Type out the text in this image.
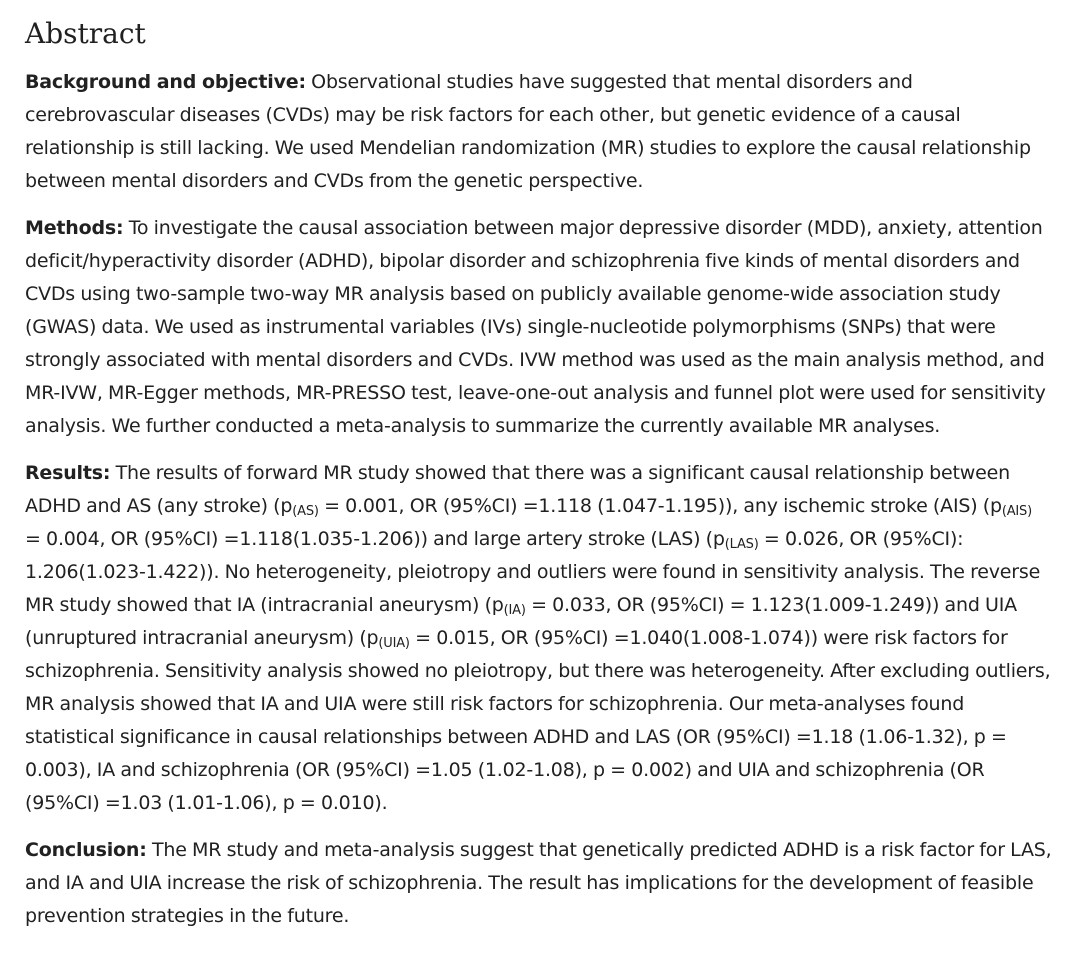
Abstract

Background and objective: Observational studies have suggested that mental disorders and cerebrovascular diseases (CVDs) may be risk factors for each other, but genetic evidence of a causal relationship is still lacking. We used Mendelian randomization (MR) studies to explore the causal relationship between mental disorders and CVDs from the genetic perspective.

Methods: To investigate the causal association between major depressive disorder (MDD), anxiety, attention deficit/hyperactivity disorder (ADHD), bipolar disorder and schizophrenia five kinds of mental disorders and CVDs using two-sample two-way MR analysis based on publicly available genome-wide association study (GWAS) data. We used as instrumental variables (IVs) single-nucleotide polymorphisms (SNPs) that were strongly associated with mental disorders and CVDs. IVW method was used as the main analysis method, and MR-IVW, MR-Egger methods, MR-PRESSO test, leave-one-out analysis and funnel plot were used for sensitivity analysis. We further conducted a meta-analysis to summarize the currently available MR analyses.

Results: The results of forward MR study showed that there was a significant causal relationship between ADHD and AS (any stroke) ($p_{(AS)} = 0.001$, OR (95%CI) =1.118 (1.047-1.195)), any ischemic stroke (AIS) ($p_{(AIS)} = 0.004$, OR (95%CI) =1.118(1.035-1.206)) and large artery stroke (LAS) ($p_{(LAS)} = 0.026$, OR (95%CI): 1.206(1.023-1.422)). No heterogeneity, pleiotropy and outliers were found in sensitivity analysis. The reverse MR study showed that IA (intracranial aneurysm) ($p_{(IA)} = 0.033$, OR (95%CI) = 1.123(1.009-1.249)) and UIA (unruptured intracranial aneurysm) ($p_{(UIA)} = 0.015$, OR (95%CI) =1.040(1.008-1.074)) were risk factors for schizophrenia. Sensitivity analysis showed no pleiotropy, but there was heterogeneity. After excluding outliers, MR analysis showed that IA and UIA were still risk factors for schizophrenia. Our meta-analyses found statistical significance in causal relationships between ADHD and LAS (OR (95%CI) =1.18 (1.06-1.32), p = 0.003), IA and schizophrenia (OR (95%CI) =1.05 (1.02-1.08), p = 0.002) and UIA and schizophrenia (OR (95%CI) =1.03 (1.01-1.06), p = 0.010).

Conclusion: The MR study and meta-analysis suggest that genetically predicted ADHD is a risk factor for LAS, and IA and UIA increase the risk of schizophrenia. The result has implications for the development of feasible prevention strategies in the future.
